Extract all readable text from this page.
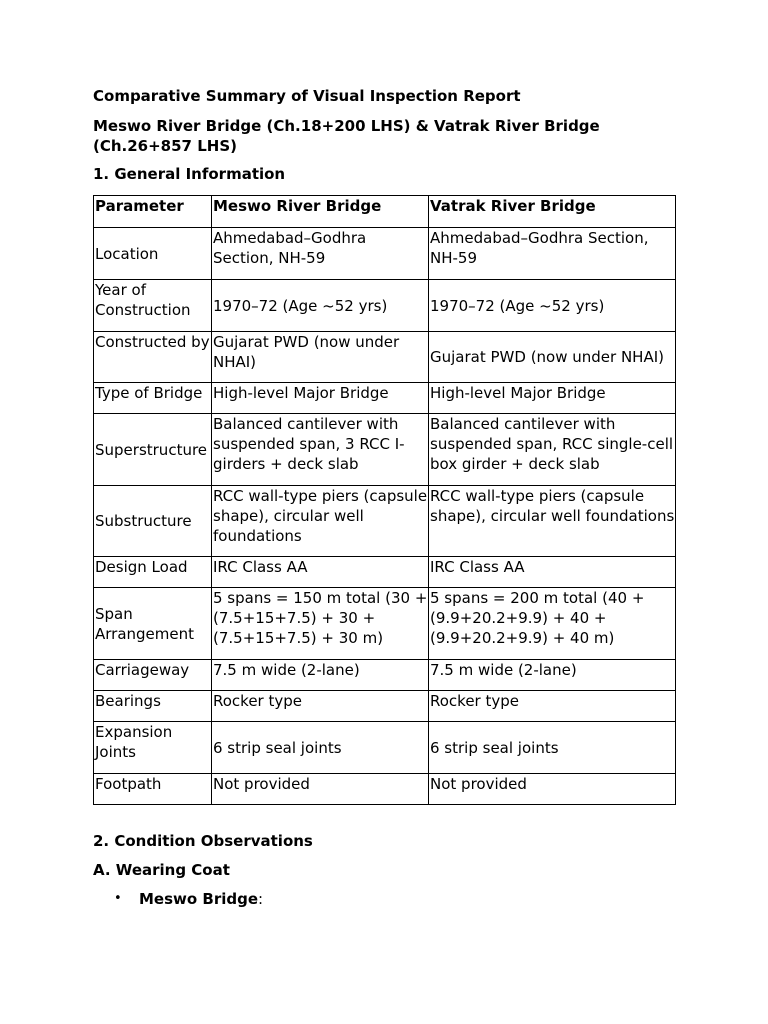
Comparative Summary of Visual Inspection Report

Meswo River Bridge (Ch.18+200 LHS) & Vatrak River Bridge (Ch.26+857 LHS)

1. General Information

Parameter	Meswo River Bridge	Vatrak River Bridge
Location	Ahmedabad–Godhra Section, NH-59	Ahmedabad–Godhra Section, NH-59
Year of Construction	1970–72 (Age ~52 yrs)	1970–72 (Age ~52 yrs)
Constructed by	Gujarat PWD (now under NHAI)	Gujarat PWD (now under NHAI)
Type of Bridge	High-level Major Bridge	High-level Major Bridge
Superstructure	Balanced cantilever with suspended span, 3 RCC I-girders + deck slab	Balanced cantilever with suspended span, RCC single-cell box girder + deck slab
Substructure	RCC wall-type piers (capsule shape), circular well foundations	RCC wall-type piers (capsule shape), circular well foundations
Design Load	IRC Class AA	IRC Class AA
Span Arrangement	5 spans = 150 m total (30 + (7.5+15+7.5) + 30 + (7.5+15+7.5) + 30 m)	5 spans = 200 m total (40 + (9.9+20.2+9.9) + 40 + (9.9+20.2+9.9) + 40 m)
Carriageway	7.5 m wide (2-lane)	7.5 m wide (2-lane)
Bearings	Rocker type	Rocker type
Expansion Joints	6 strip seal joints	6 strip seal joints
Footpath	Not provided	Not provided

2. Condition Observations

A. Wearing Coat

• Meswo Bridge:
